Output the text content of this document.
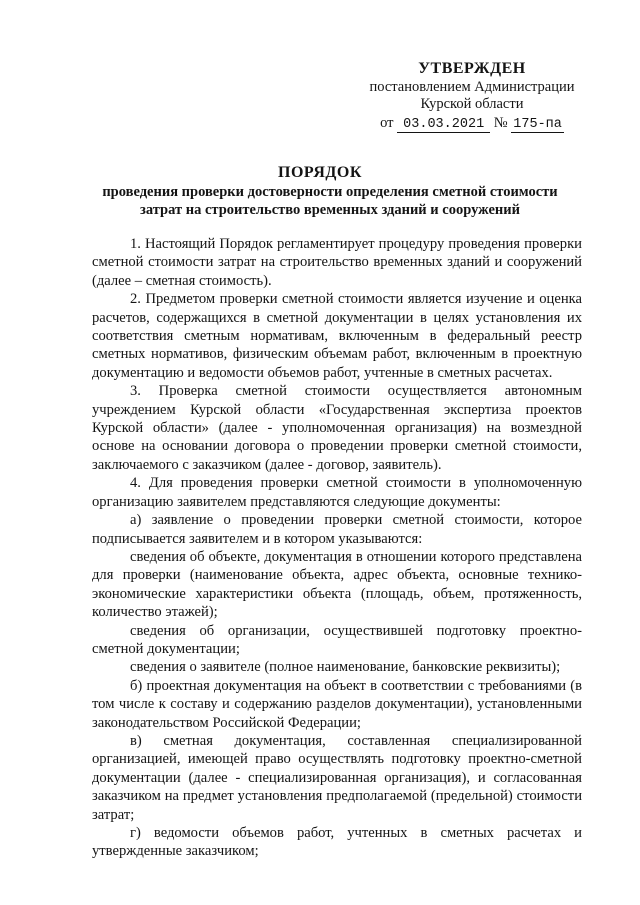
УТВЕРЖДЕН
постановлением Администрации
Курской области
от 03.03.2021 № 175-па
ПОРЯДОК
проведения проверки достоверности определения сметной стоимости затрат на строительство временных зданий и сооружений

1. Настоящий Порядок регламентирует процедуру проведения проверки сметной стоимости затрат на строительство временных зданий и сооружений (далее – сметная стоимость).

2. Предметом проверки сметной стоимости является изучение и оценка расчетов, содержащихся в сметной документации в целях установления их соответствия сметным нормативам, включенным в федеральный реестр сметных нормативов, физическим объемам работ, включенным в проектную документацию и ведомости объемов работ, учтенные в сметных расчетах.

3. Проверка сметной стоимости осуществляется автономным учреждением Курской области «Государственная экспертиза проектов Курской области» (далее - уполномоченная организация) на возмездной основе на основании договора о проведении проверки сметной стоимости, заключаемого с заказчиком (далее - договор, заявитель).

4. Для проведения проверки сметной стоимости в уполномоченную организацию заявителем представляются следующие документы:

а) заявление о проведении проверки сметной стоимости, которое подписывается заявителем и в котором указываются:

сведения об объекте, документация в отношении которого представлена для проверки (наименование объекта, адрес объекта, основные технико-экономические характеристики объекта (площадь, объем, протяженность, количество этажей);

сведения об организации, осуществившей подготовку проектно-сметной документации;

сведения о заявителе (полное наименование, банковские реквизиты);

б) проектная документация на объект в соответствии с требованиями (в том числе к составу и содержанию разделов документации), установленными законодательством Российской Федерации;

в) сметная документация, составленная специализированной организацией, имеющей право осуществлять подготовку проектно-сметной документации (далее - специализированная организация), и согласованная заказчиком на предмет установления предполагаемой (предельной) стоимости затрат;

г) ведомости объемов работ, учтенных в сметных расчетах и утвержденные заказчиком;
